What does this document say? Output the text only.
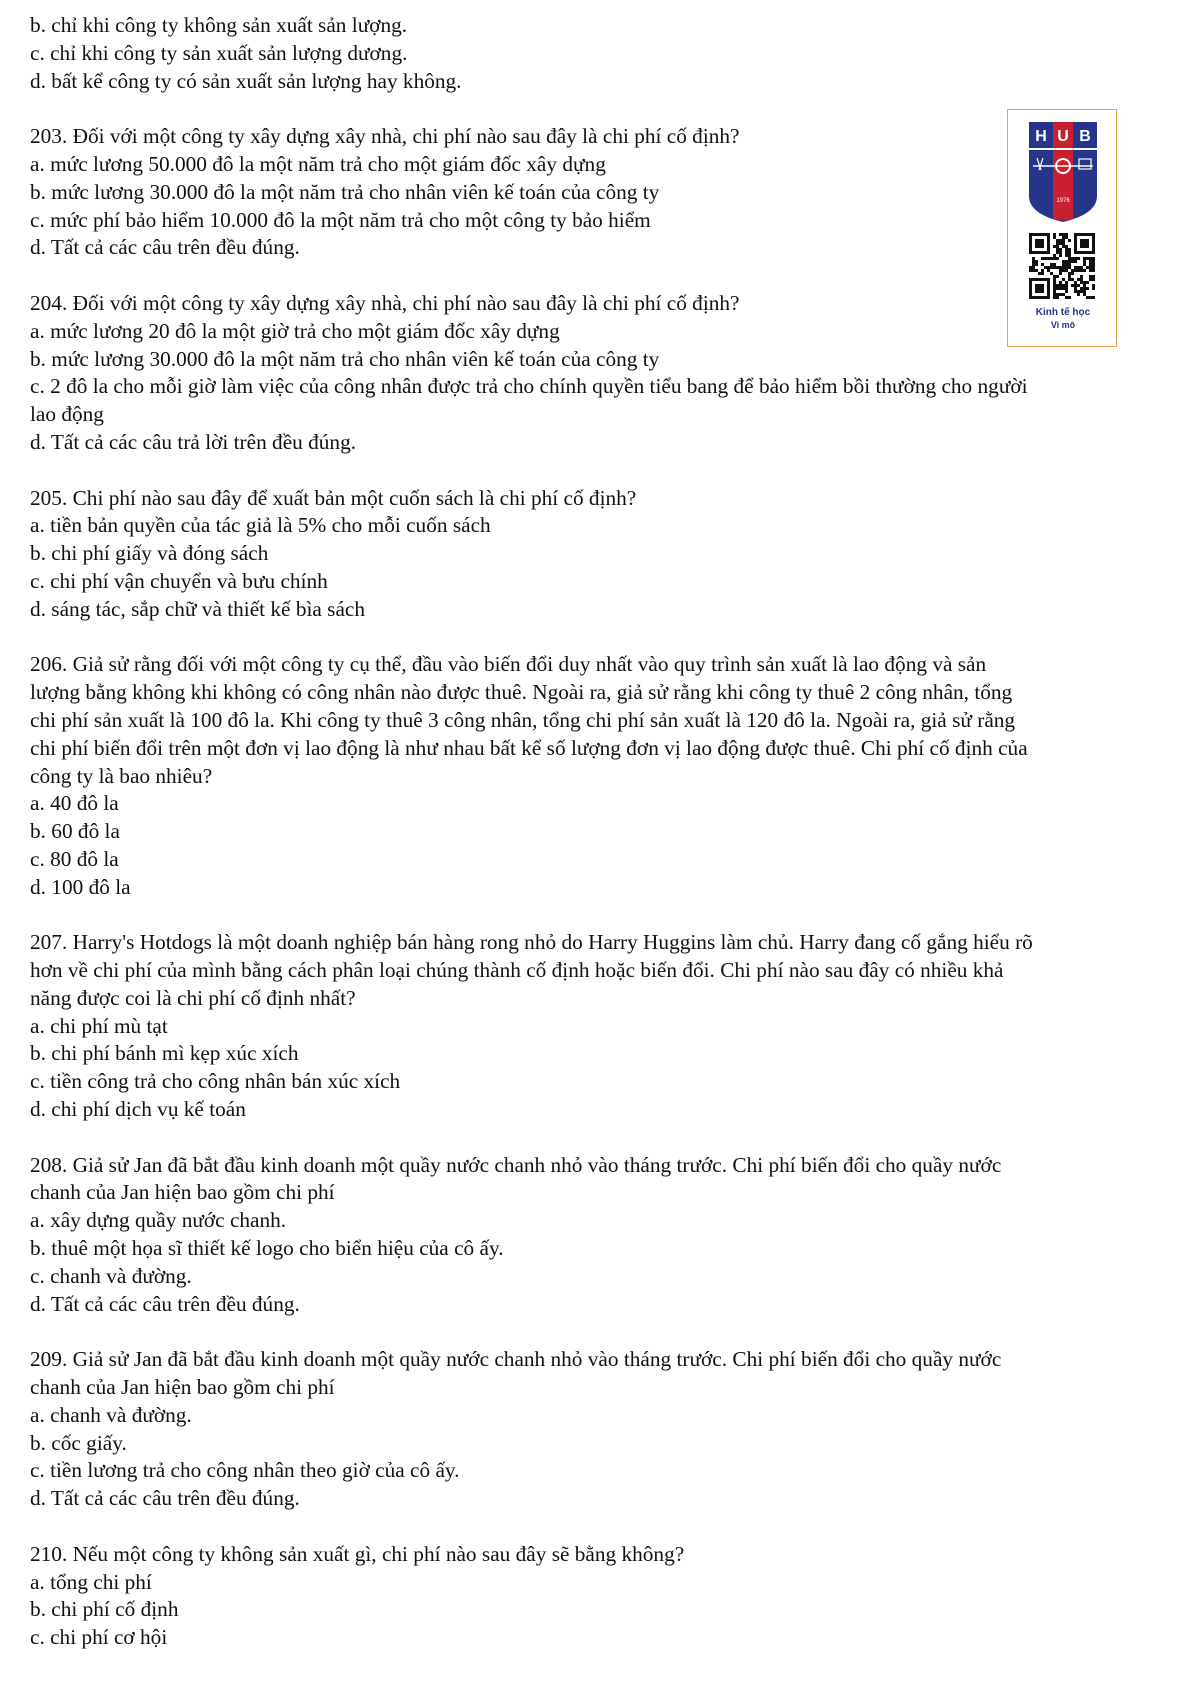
b. chỉ khi công ty không sản xuất sản lượng.

c. chỉ khi công ty sản xuất sản lượng dương.

d. bất kể công ty có sản xuất sản lượng hay không.

203. Đối với một công ty xây dựng xây nhà, chi phí nào sau đây là chi phí cố định?

a. mức lương 50.000 đô la một năm trả cho một giám đốc xây dựng

b. mức lương 30.000 đô la một năm trả cho nhân viên kế toán của công ty

c. mức phí bảo hiểm 10.000 đô la một năm trả cho một công ty bảo hiểm

d. Tất cả các câu trên đều đúng.

204. Đối với một công ty xây dựng xây nhà, chi phí nào sau đây là chi phí cố định?

a. mức lương 20 đô la một giờ trả cho một giám đốc xây dựng

b. mức lương 30.000 đô la một năm trả cho nhân viên kế toán của công ty

c. 2 đô la cho mỗi giờ làm việc của công nhân được trả cho chính quyền tiểu bang để bảo hiểm bồi thường cho người

lao động

d. Tất cả các câu trả lời trên đều đúng.

205. Chi phí nào sau đây để xuất bản một cuốn sách là chi phí cố định?

a. tiền bản quyền của tác giả là 5% cho mỗi cuốn sách

b. chi phí giấy và đóng sách

c. chi phí vận chuyển và bưu chính

d. sáng tác, sắp chữ và thiết kế bìa sách

206. Giả sử rằng đối với một công ty cụ thể, đầu vào biến đổi duy nhất vào quy trình sản xuất là lao động và sản

lượng bằng không khi không có công nhân nào được thuê. Ngoài ra, giả sử rằng khi công ty thuê 2 công nhân, tổng

chi phí sản xuất là 100 đô la. Khi công ty thuê 3 công nhân, tổng chi phí sản xuất là 120 đô la. Ngoài ra, giả sử rằng

chi phí biến đổi trên một đơn vị lao động là như nhau bất kể số lượng đơn vị lao động được thuê. Chi phí cố định của

công ty là bao nhiêu?

a. 40 đô la

b. 60 đô la

c. 80 đô la

d. 100 đô la

207. Harry's Hotdogs là một doanh nghiệp bán hàng rong nhỏ do Harry Huggins làm chủ. Harry đang cố gắng hiểu rõ

hơn về chi phí của mình bằng cách phân loại chúng thành cố định hoặc biến đổi. Chi phí nào sau đây có nhiều khả

năng được coi là chi phí cố định nhất?

a. chi phí mù tạt

b. chi phí bánh mì kẹp xúc xích

c. tiền công trả cho công nhân bán xúc xích

d. chi phí dịch vụ kế toán

208. Giả sử Jan đã bắt đầu kinh doanh một quầy nước chanh nhỏ vào tháng trước. Chi phí biến đổi cho quầy nước

chanh của Jan hiện bao gồm chi phí

a. xây dựng quầy nước chanh.

b. thuê một họa sĩ thiết kế logo cho biển hiệu của cô ấy.

c. chanh và đường.

d. Tất cả các câu trên đều đúng.

209. Giả sử Jan đã bắt đầu kinh doanh một quầy nước chanh nhỏ vào tháng trước. Chi phí biến đổi cho quầy nước

chanh của Jan hiện bao gồm chi phí

a. chanh và đường.

b. cốc giấy.

c. tiền lương trả cho công nhân theo giờ của cô ấy.

d. Tất cả các câu trên đều đúng.

210. Nếu một công ty không sản xuất gì, chi phí nào sau đây sẽ bằng không?

a. tổng chi phí

b. chi phí cố định

c. chi phí cơ hội

H U B
1976
Kinh tế học
Vi mô
